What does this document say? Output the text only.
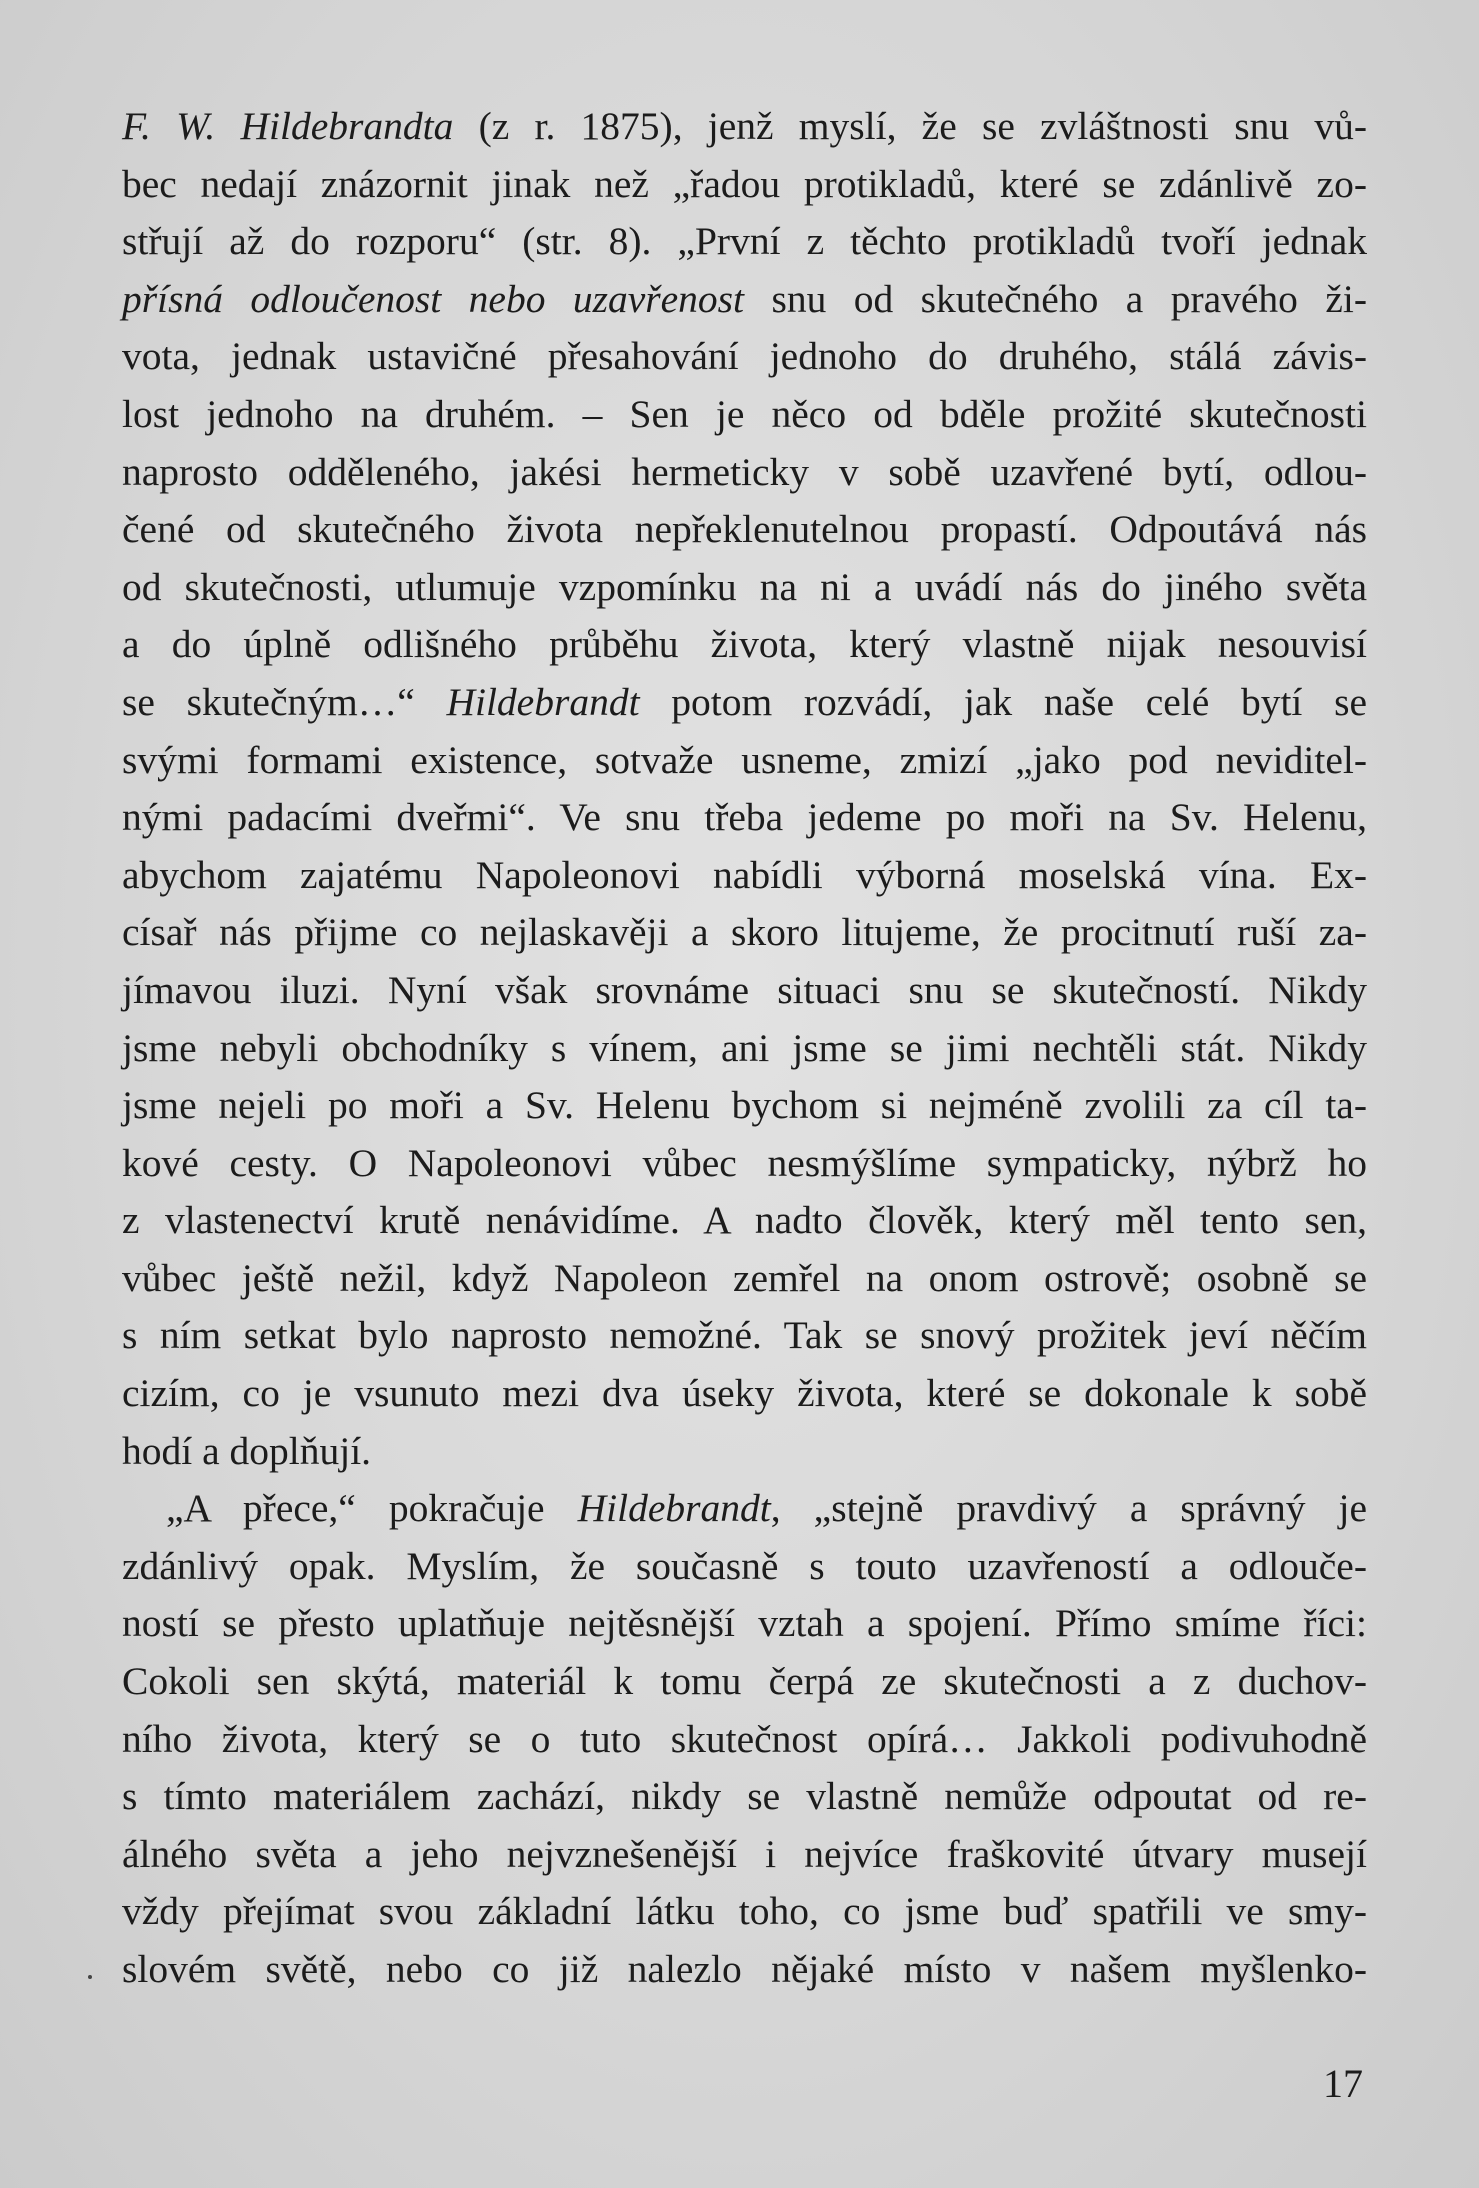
F. W. Hildebrandta (z r. 1875), jenž myslí, že se zvláštnosti snu vů-
bec nedají znázornit jinak než „řadou protikladů, které se zdánlivě zo-
střují až do rozporu“ (str. 8). „První z těchto protikladů tvoří jednak
přísná odloučenost nebo uzavřenost snu od skutečného a pravého ži-
vota, jednak ustavičné přesahování jednoho do druhého, stálá závis-
lost jednoho na druhém. – Sen je něco od bděle prožité skutečnosti
naprosto odděleného, jakési hermeticky v sobě uzavřené bytí, odlou-
čené od skutečného života nepřeklenutelnou propastí. Odpoutává nás
od skutečnosti, utlumuje vzpomínku na ni a uvádí nás do jiného světa
a do úplně odlišného průběhu života, který vlastně nijak nesouvisí
se skutečným…“ Hildebrandt potom rozvádí, jak naše celé bytí se
svými formami existence, sotvaže usneme, zmizí „jako pod neviditel-
nými padacími dveřmi“. Ve snu třeba jedeme po moři na Sv. Helenu,
abychom zajatému Napoleonovi nabídli výborná moselská vína. Ex-
císař nás přijme co nejlaskavěji a skoro litujeme, že procitnutí ruší za-
jímavou iluzi. Nyní však srovnáme situaci snu se skutečností. Nikdy
jsme nebyli obchodníky s vínem, ani jsme se jimi nechtěli stát. Nikdy
jsme nejeli po moři a Sv. Helenu bychom si nejméně zvolili za cíl ta-
kové cesty. O Napoleonovi vůbec nesmýšlíme sympaticky, nýbrž ho
z vlastenectví krutě nenávidíme. A nadto člověk, který měl tento sen,
vůbec ještě nežil, když Napoleon zemřel na onom ostrově; osobně se
s ním setkat bylo naprosto nemožné. Tak se snový prožitek jeví něčím
cizím, co je vsunuto mezi dva úseky života, které se dokonale k sobě
hodí a doplňují.
„A přece,“ pokračuje Hildebrandt, „stejně pravdivý a správný je
zdánlivý opak. Myslím, že současně s touto uzavřeností a odlouče-
ností se přesto uplatňuje nejtěsnější vztah a spojení. Přímo smíme říci:
Cokoli sen skýtá, materiál k tomu čerpá ze skutečnosti a z duchov-
ního života, který se o tuto skutečnost opírá… Jakkoli podivuhodně
s tímto materiálem zachází, nikdy se vlastně nemůže odpoutat od re-
álného světa a jeho nejvznešenější i nejvíce fraškovité útvary musejí
vždy přejímat svou základní látku toho, co jsme buď spatřili ve smy-
slovém světě, nebo co již nalezlo nějaké místo v našem myšlenko-
17
